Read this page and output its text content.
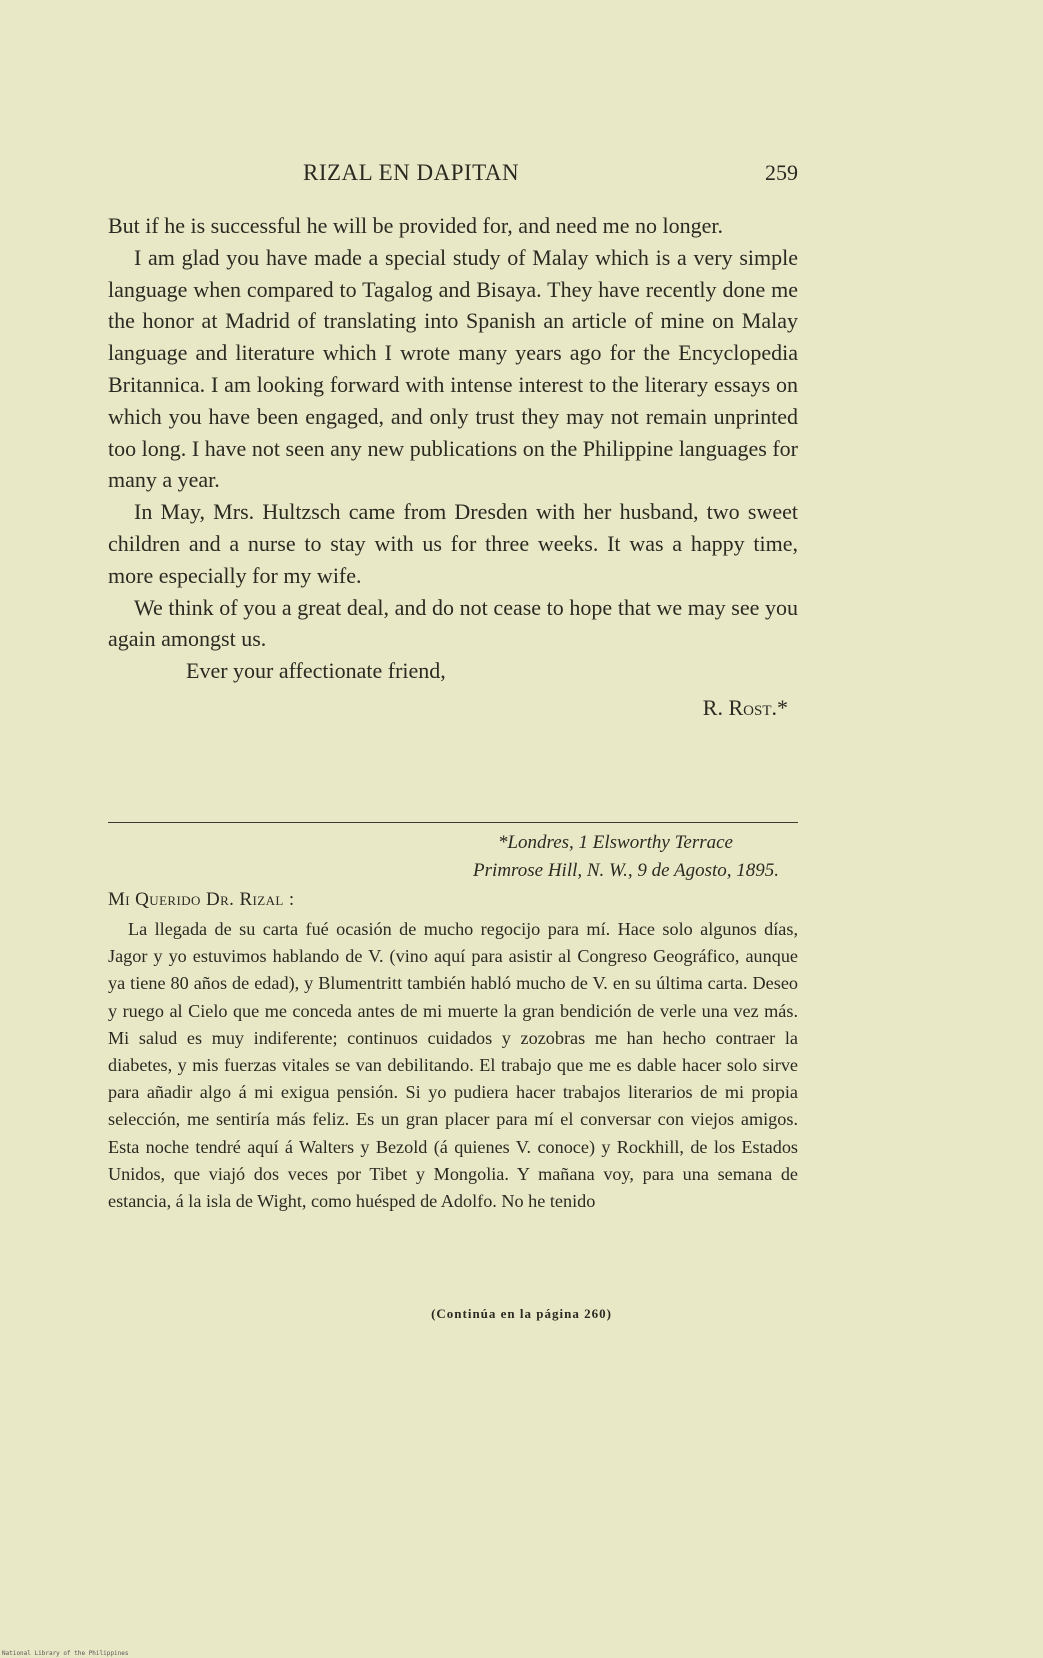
RIZAL EN DAPITAN	259

But if he is successful he will be provided for, and need me no longer.

I am glad you have made a special study of Malay which is a very simple language when compared to Tagalog and Bisaya. They have recently done me the honor at Madrid of translating into Spanish an article of mine on Malay language and literature which I wrote many years ago for the Encyclopedia Britannica. I am looking forward with intense interest to the literary essays on which you have been engaged, and only trust they may not remain unprinted too long. I have not seen any new publications on the Philippine languages for many a year.

In May, Mrs. Hultzsch came from Dresden with her husband, two sweet children and a nurse to stay with us for three weeks. It was a happy time, more especially for my wife.

We think of you a great deal, and do not cease to hope that we may see you again amongst us.

Ever your affectionate friend,

R. Rost.*

*Londres, 1 Elsworthy Terrace
Primrose Hill, N. W., 9 de Agosto, 1895.
Mi Querido Dr. Rizal :

La llegada de su carta fué ocasión de mucho regocijo para mí. Hace solo algunos días, Jagor y yo estuvimos hablando de V. (vino aquí para asistir al Congreso Geográfico, aunque ya tiene 80 años de edad), y Blumentritt también habló mucho de V. en su última carta. Deseo y ruego al Cielo que me conceda antes de mi muerte la gran bendición de verle una vez más. Mi salud es muy indiferente; continuos cuidados y zozobras me han hecho contraer la diabetes, y mis fuerzas vitales se van debilitando. El trabajo que me es dable hacer solo sirve para añadir algo á mi exigua pensión. Si yo pudiera hacer trabajos literarios de mi propia selección, me sentiría más feliz. Es un gran placer para mí el conversar con viejos amigos. Esta noche tendré aquí á Walters y Bezold (á quienes V. conoce) y Rockhill, de los Estados Unidos, que viajó dos veces por Tibet y Mongolia. Y mañana voy, para una semana de estancia, á la isla de Wight, como huésped de Adolfo. No he tenido

(Continúa en la página 260)
National Library of the Philippines
